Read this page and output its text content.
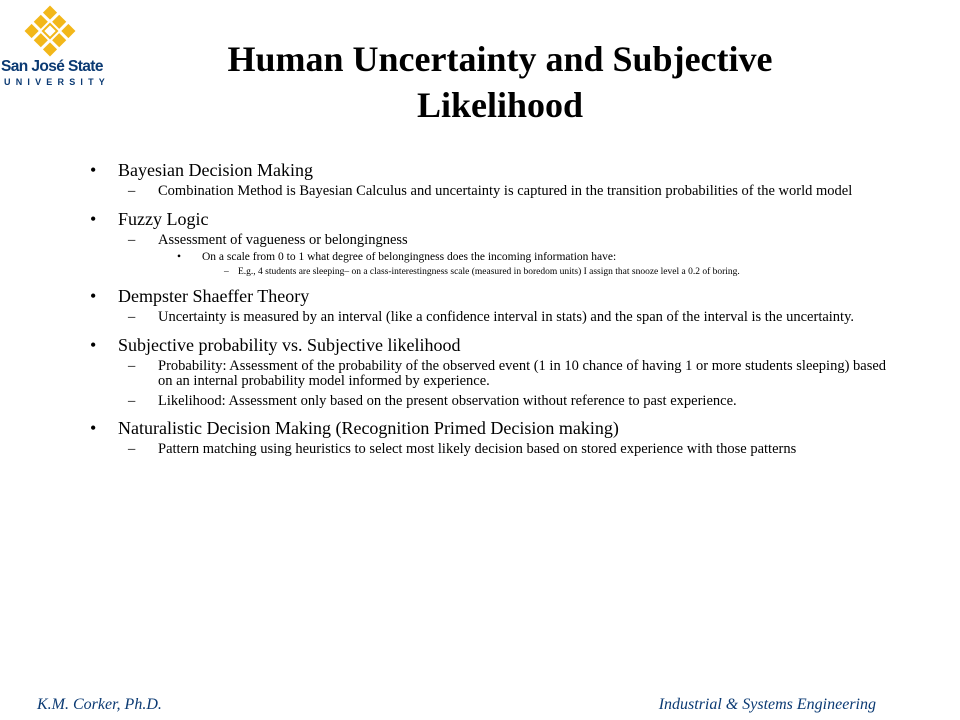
San José State
UNIVERSITY
Human Uncertainty and Subjective
Likelihood
• Bayesian Decision Making
– Combination Method is Bayesian Calculus and uncertainty is captured in the transition probabilities of the world model
• Fuzzy Logic
– Assessment of vagueness or belongingness
• On a scale from 0 to 1 what degree of belongingness does the incoming information have:
– E.g., 4 students are sleeping– on a class-interestingness scale (measured in boredom units) I assign that snooze level a 0.2 of boring.
• Dempster Shaeffer Theory
– Uncertainty is measured by an interval (like a confidence interval in stats) and the span of the interval is the uncertainty.
• Subjective probability vs. Subjective likelihood
– Probability: Assessment of the probability of the observed event (1 in 10 chance of having 1 or more students sleeping) based on an internal probability model informed by experience.
– Likelihood: Assessment only based on the present observation without reference to past experience.
• Naturalistic Decision Making (Recognition Primed Decision making)
– Pattern matching using heuristics to select most likely decision based on stored experience with those patterns
K.M. Corker, Ph.D.	Industrial & Systems Engineering
